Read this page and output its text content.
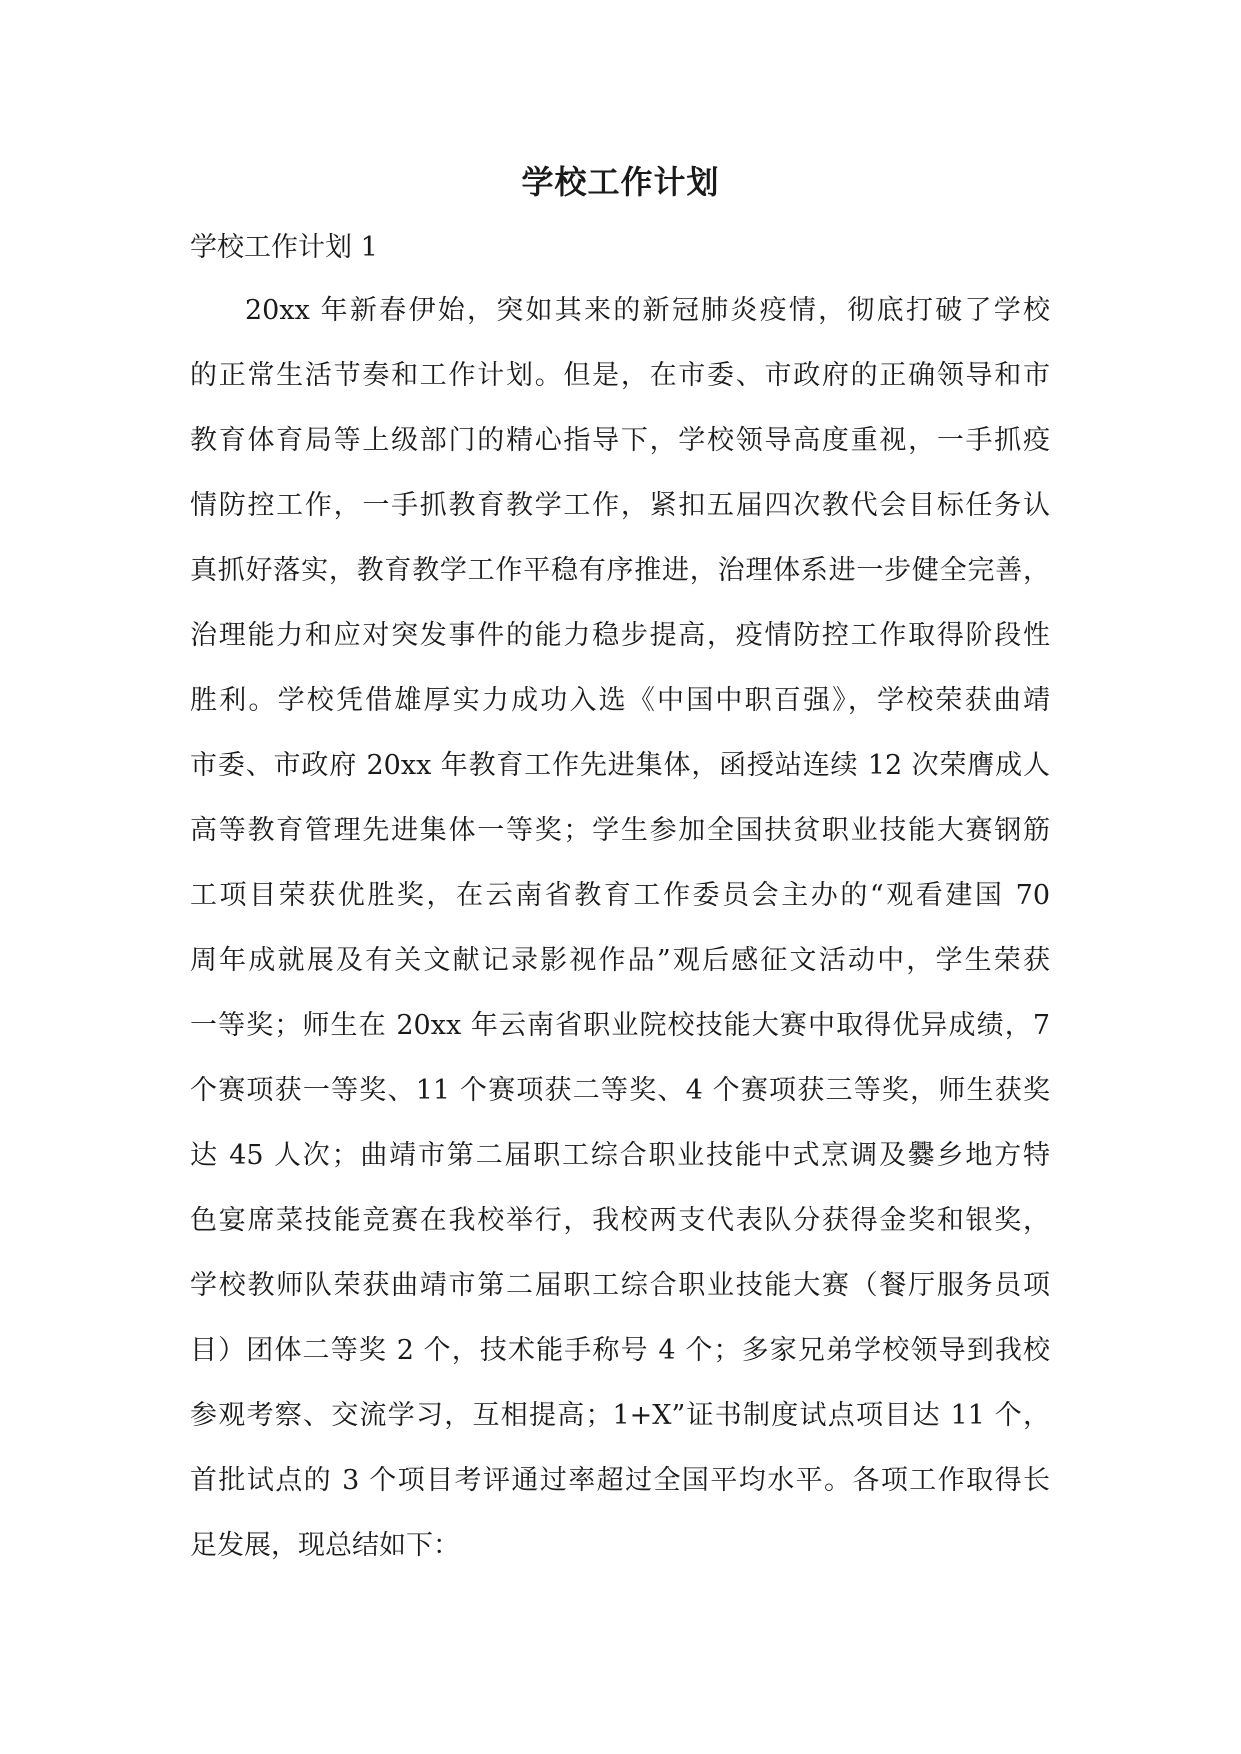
学校工作计划
学校工作计划 1
20xx 年新春伊始，突如其来的新冠肺炎疫情，彻底打破了学校
的正常生活节奏和工作计划。但是，在市委、市政府的正确领导和市
教育体育局等上级部门的精心指导下，学校领导高度重视，一手抓疫
情防控工作，一手抓教育教学工作，紧扣五届四次教代会目标任务认
真抓好落实，教育教学工作平稳有序推进，治理体系进一步健全完善，
治理能力和应对突发事件的能力稳步提高，疫情防控工作取得阶段性
胜利。学校凭借雄厚实力成功入选《中国中职百强》，学校荣获曲靖
市委、市政府 20xx 年教育工作先进集体，函授站连续 12 次荣膺成人
高等教育管理先进集体一等奖；学生参加全国扶贫职业技能大赛钢筋
工项目荣获优胜奖，在云南省教育工作委员会主办的“观看建国 70
周年成就展及有关文献记录影视作品”观后感征文活动中，学生荣获
一等奖；师生在 20xx 年云南省职业院校技能大赛中取得优异成绩，7
个赛项获一等奖、11 个赛项获二等奖、4 个赛项获三等奖，师生获奖
达 45 人次；曲靖市第二届职工综合职业技能中式烹调及爨乡地方特
色宴席菜技能竞赛在我校举行，我校两支代表队分获得金奖和银奖，
学校教师队荣获曲靖市第二届职工综合职业技能大赛（餐厅服务员项
目）团体二等奖 2 个，技术能手称号 4 个；多家兄弟学校领导到我校
参观考察、交流学习，互相提高；1+X”证书制度试点项目达 11 个，
首批试点的 3 个项目考评通过率超过全国平均水平。各项工作取得长
足发展，现总结如下：
